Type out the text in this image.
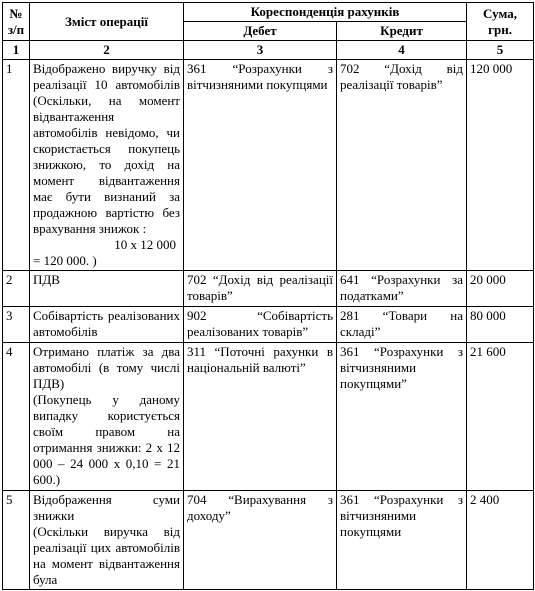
№ з/п	Зміст операції	Кореспонденція рахунків		Сума, грн.
		Дебет	Кредит	
1	2	3	4	5
1	Відображено виручку від реалізації 10 автомобілів (Оскільки, на момент відвантаження автомобілів невідомо, чи скористається покупець знижкою, то дохід на момент відвантаження має бути визнаний за продажною вартістю без врахування знижок :
10 х 12 000
= 120 000. )	361 “Розрахунки з вітчизняними покупцями	702 “Дохід від реалізації товарів”	120 000
2	ПДВ	702 “Дохід від реалізації товарів”	641 “Розрахунки за податками”	20 000
3	Собівартість реалізованих автомобілів	902 “Собівартість реалізованих товарів”	281 “Товари на складі”	80 000
4	Отримано платіж за два автомобілі (в тому числі ПДВ)
(Покупець у даному випадку користується своїм правом на отримання знижки: 2 х 12 000 – 24 000 х 0,10 = 21 600.)	311 “Поточні рахунки в національній валюті”	361 “Розрахунки з вітчизняними покупцями”	21 600
5	Відображення суми знижки
(Оскільки виручка від реалізації цих автомобілів на момент відвантаження була	704 “Вирахування з доходу”	361 “Розрахунки з вітчизняними покупцями	2 400
